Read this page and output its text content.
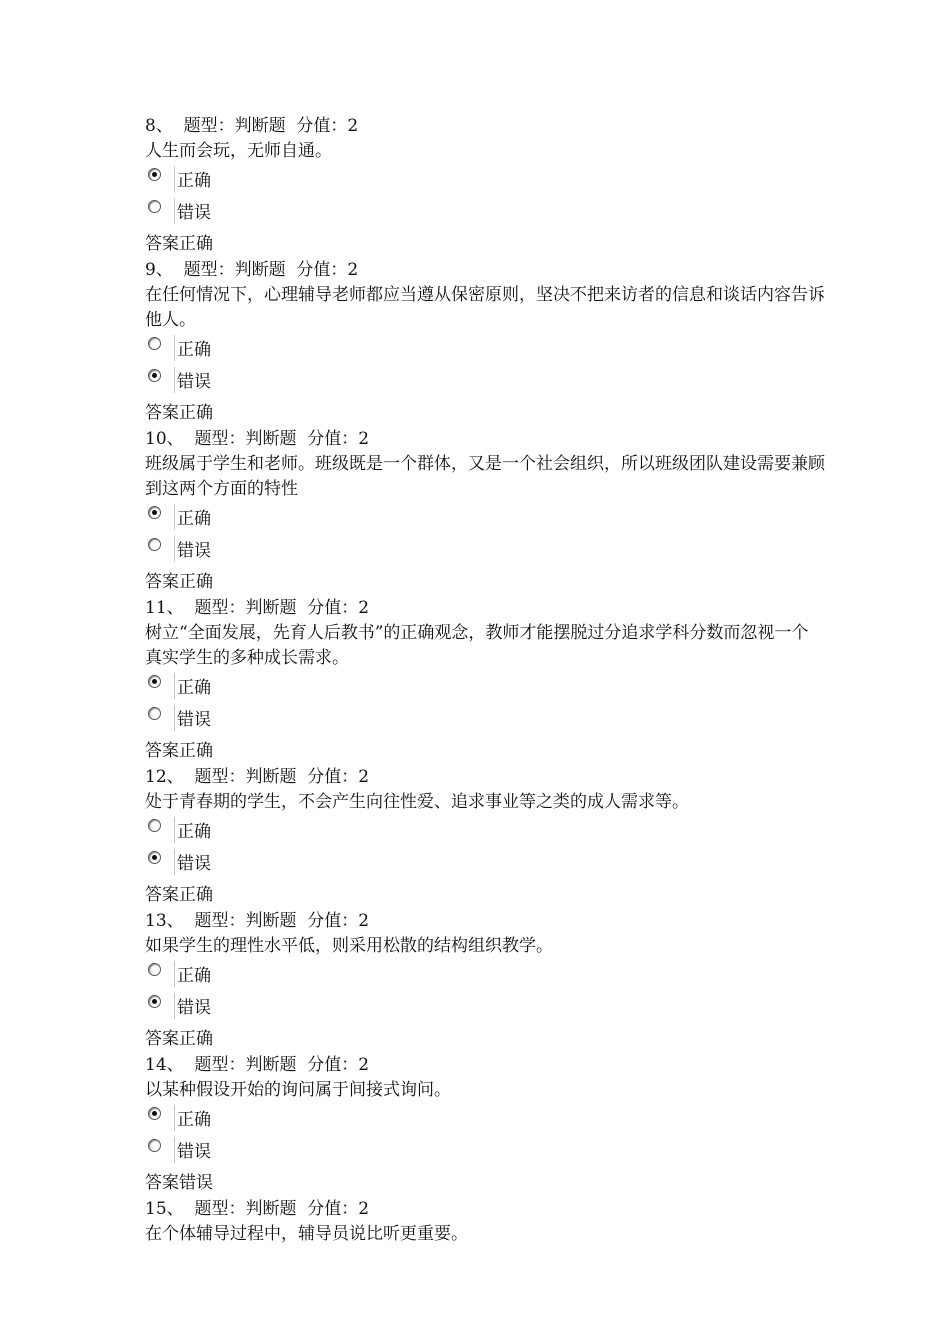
8、  题型：判断题  分值：2
人生而会玩，无师自通。
正确
错误
答案正确
9、  题型：判断题  分值：2
在任何情况下，心理辅导老师都应当遵从保密原则，坚决不把来访者的信息和谈话内容告诉他人。
正确
错误
答案正确
10、  题型：判断题  分值：2
班级属于学生和老师。班级既是一个群体，又是一个社会组织，所以班级团队建设需要兼顾到这两个方面的特性
正确
错误
答案正确
11、  题型：判断题  分值：2
树立“全面发展，先育人后教书”的正确观念，教师才能摆脱过分追求学科分数而忽视一个真实学生的多种成长需求。
正确
错误
答案正确
12、  题型：判断题  分值：2
处于青春期的学生，不会产生向往性爱、追求事业等之类的成人需求等。
正确
错误
答案正确
13、  题型：判断题  分值：2
如果学生的理性水平低，则采用松散的结构组织教学。
正确
错误
答案正确
14、  题型：判断题  分值：2
以某种假设开始的询问属于间接式询问。
正确
错误
答案错误
15、  题型：判断题  分值：2
在个体辅导过程中，辅导员说比听更重要。
